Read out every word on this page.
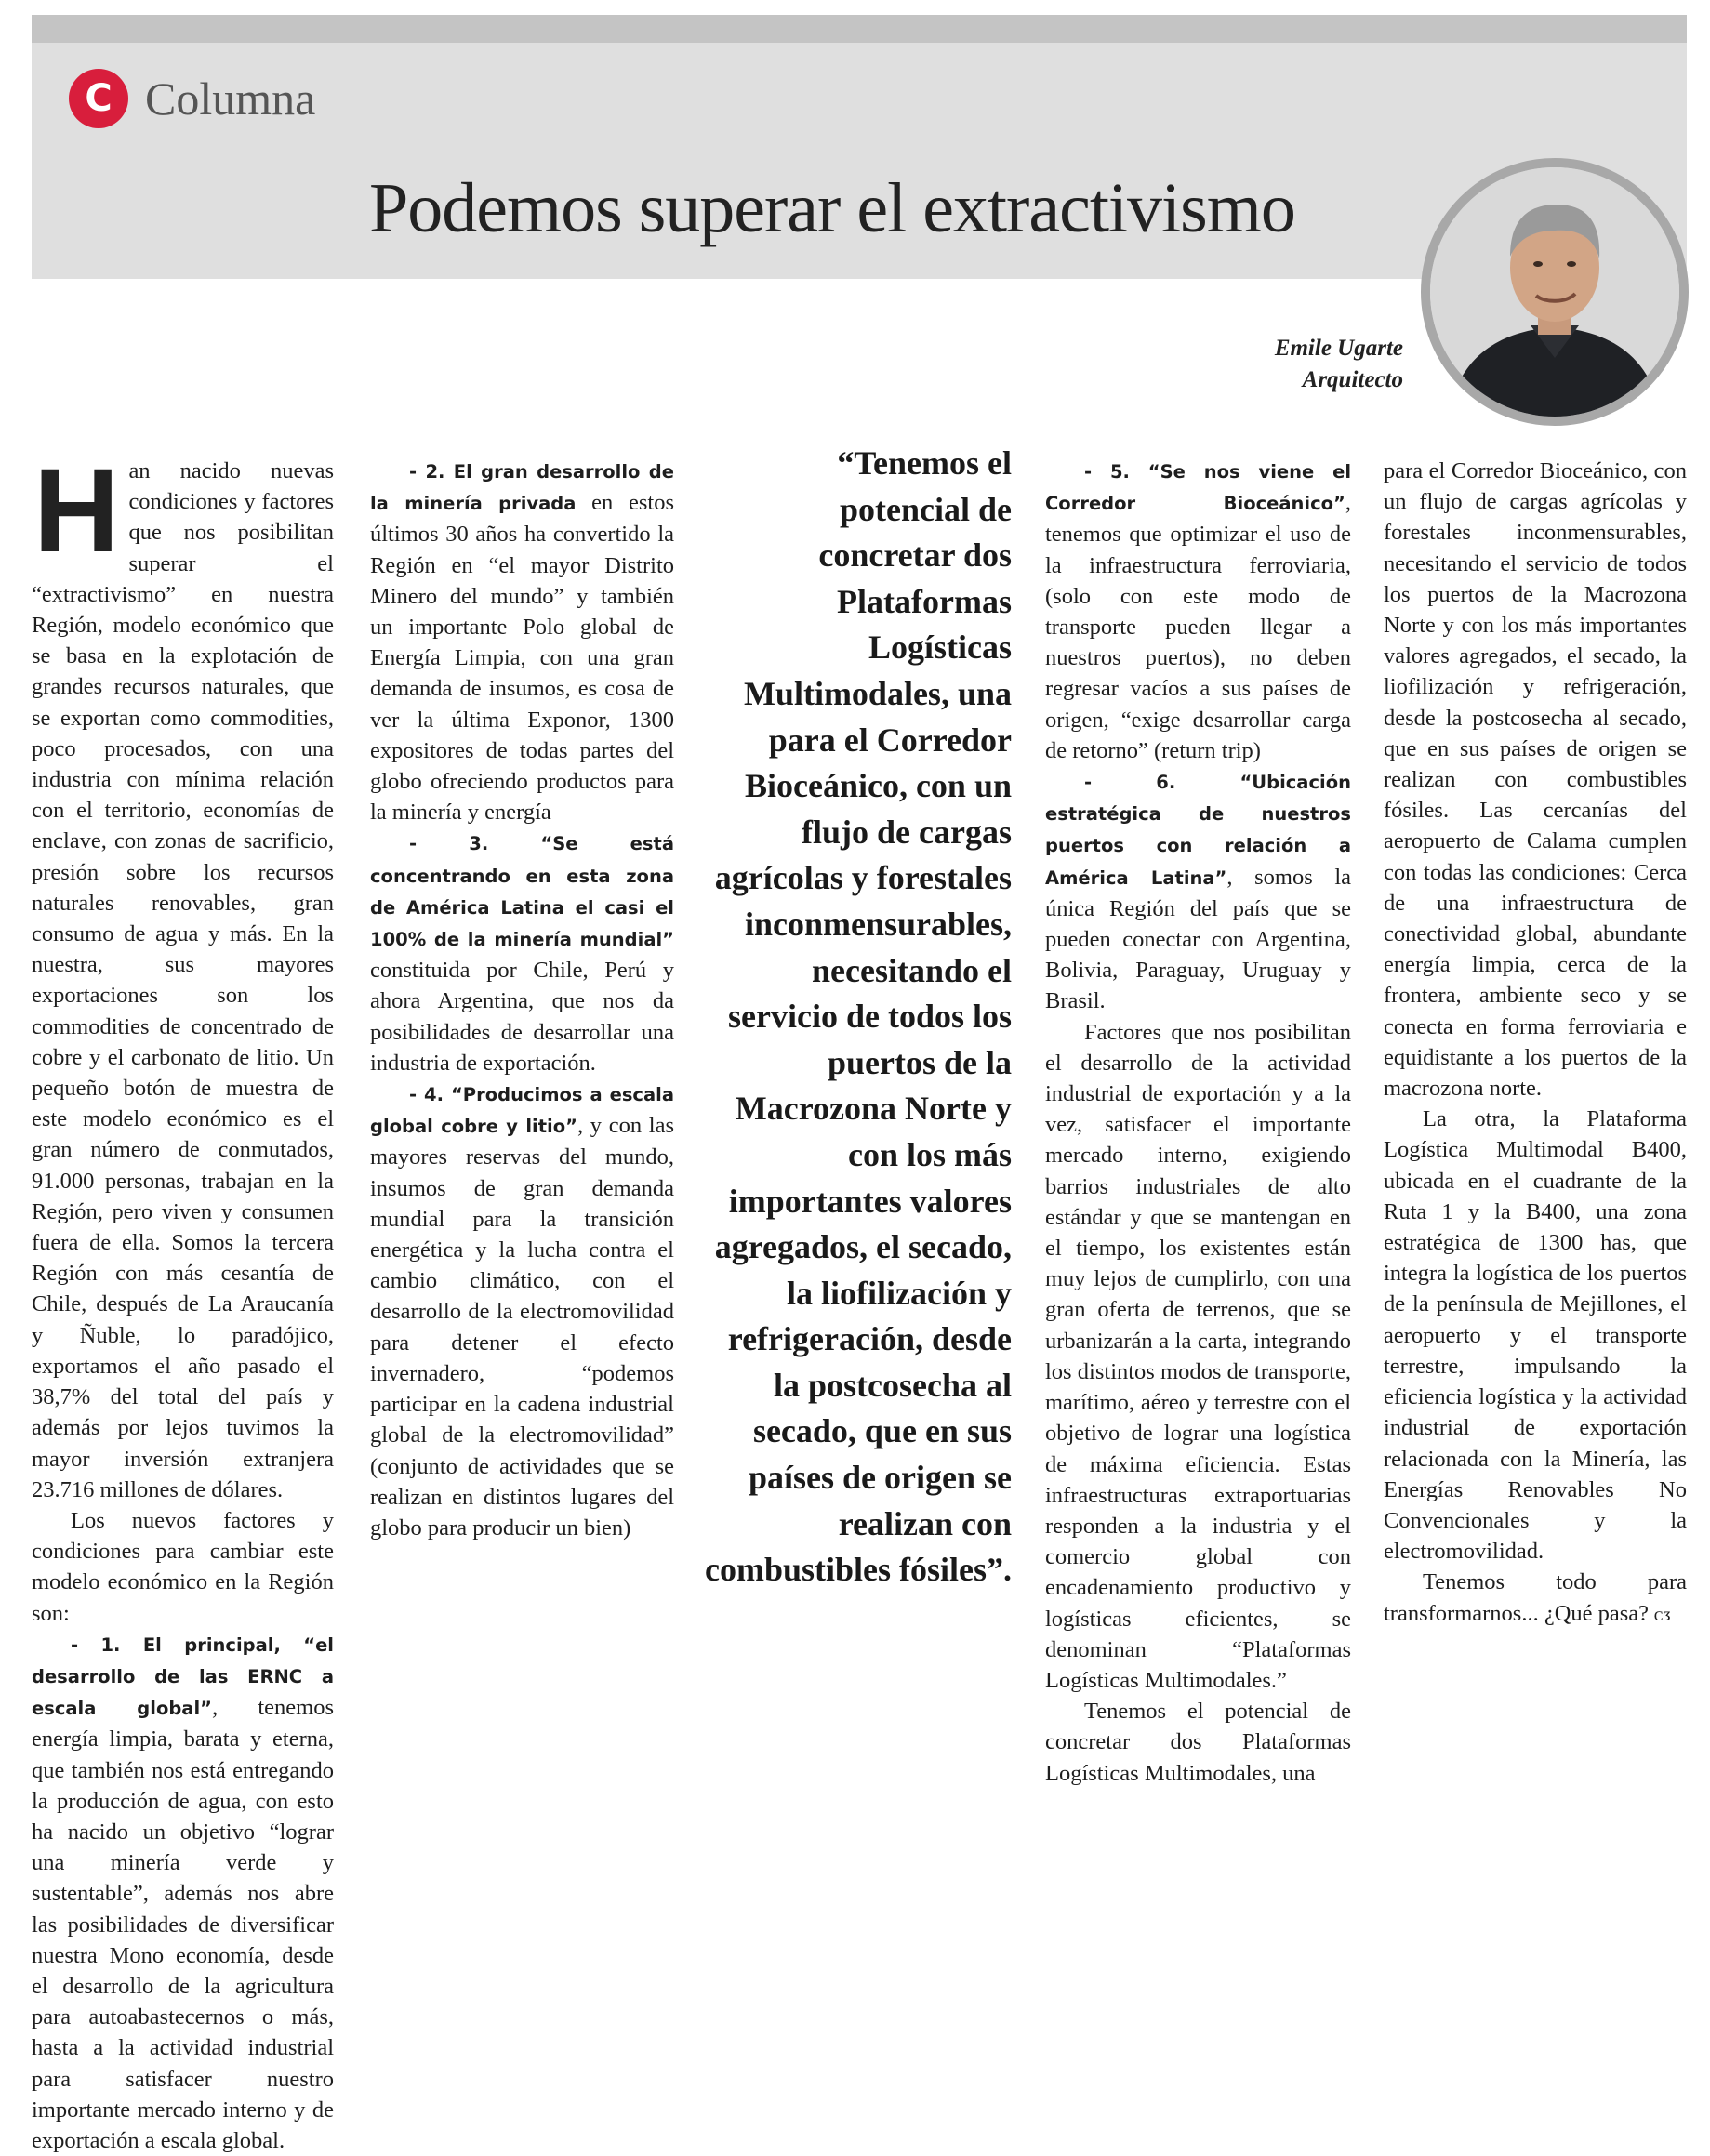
C Columna
Podemos superar el extractivismo
Emile Ugarte
Arquitecto

Han nacido nuevas condiciones y factores que nos posibilitan superar el “extractivismo” en nuestra Región, modelo económico que se basa en la explotación de grandes recursos naturales, que se exportan como commodities, poco procesados, con una industria con mínima relación con el territorio, economías de enclave, con zonas de sacrificio, presión sobre los recursos naturales renovables, gran consumo de agua y más. En la nuestra, sus mayores exportaciones son los commodities de concentrado de cobre y el carbonato de litio. Un pequeño botón de muestra de este modelo económico es el gran número de conmutados, 91.000 personas, trabajan en la Región, pero viven y consumen fuera de ella. Somos la tercera Región con más cesantía de Chile, después de La Araucanía y Ñuble, lo paradójico, exportamos el año pasado el 38,7% del total del país y además por lejos tuvimos la mayor inversión extranjera 23.716 millones de dólares.

Los nuevos factores y condiciones para cambiar este modelo económico en la Región son:

- 1. El principal, “el desarrollo de las ERNC a escala global”, tenemos energía limpia, barata y eterna, que también nos está entregando la producción de agua, con esto ha nacido un objetivo “lograr una minería verde y sustentable”, además nos abre las posibilidades de diversificar nuestra Mono economía, desde el desarrollo de la agricultura para autoabastecernos o más, hasta a la actividad industrial para satisfacer nuestro importante mercado interno y de exportación a escala global.

- 2. El gran desarrollo de la minería privada en estos últimos 30 años ha convertido la Región en “el mayor Distrito Minero del mundo” y también un importante Polo global de Energía Limpia, con una gran demanda de insumos, es cosa de ver la última Exponor, 1300 expositores de todas partes del globo ofreciendo productos para la minería y energía

- 3. “Se está concentrando en esta zona de América Latina el casi el 100% de la minería mundial” constituida por Chile, Perú y ahora Argentina, que nos da posibilidades de desarrollar una industria de exportación.

- 4. “Producimos a escala global cobre y litio”, y con las mayores reservas del mundo, insumos de gran demanda mundial para la transición energética y la lucha contra el cambio climático, con el desarrollo de la electromovilidad para detener el efecto invernadero, “podemos participar en la cadena industrial global de la electromovilidad” (conjunto de actividades que se realizan en distintos lugares del globo para producir un bien)

“Tenemos el potencial de concretar dos Plataformas Logísticas Multimodales, una para el Corredor Bioceánico, con un flujo de cargas agrícolas y forestales inconmensurables, necesitando el servicio de todos los puertos de la Macrozona Norte y con los más importantes valores agregados, el secado, la liofilización y refrigeración, desde la postcosecha al secado, que en sus países de origen se realizan con combustibles fósiles”.

- 5. “Se nos viene el Corredor Bioceánico”, tenemos que optimizar el uso de la infraestructura ferroviaria, (solo con este modo de transporte pueden llegar a nuestros puertos), no deben regresar vacíos a sus países de origen, “exige desarrollar carga de retorno” (return trip)

- 6. “Ubicación estratégica de nuestros puertos con relación a América Latina”, somos la única Región del país que se pueden conectar con Argentina, Bolivia, Paraguay, Uruguay y Brasil.

Factores que nos posibilitan el desarrollo de la actividad industrial de exportación y a la vez, satisfacer el importante mercado interno, exigiendo barrios industriales de alto estándar y que se mantengan en el tiempo, los existentes están muy lejos de cumplirlo, con una gran oferta de terrenos, que se urbanizarán a la carta, integrando los distintos modos de transporte, marítimo, aéreo y terrestre con el objetivo de lograr una logística de máxima eficiencia. Estas infraestructuras extraportuarias responden a la industria y el comercio global con encadenamiento productivo y logísticas eficientes, se denominan “Plataformas Logísticas Multimodales.”

Tenemos el potencial de concretar dos Plataformas Logísticas Multimodales, una

para el Corredor Bioceánico, con un flujo de cargas agrícolas y forestales inconmensurables, necesitando el servicio de todos los puertos de la Macrozona Norte y con los más importantes valores agregados, el secado, la liofilización y refrigeración, desde la postcosecha al secado, que en sus países de origen se realizan con combustibles fósiles. Las cercanías del aeropuerto de Calama cumplen con todas las condiciones: Cerca de una infraestructura de conectividad global, abundante energía limpia, cerca de la frontera, ambiente seco y se conecta en forma ferroviaria e equidistante a los puertos de la macrozona norte.

La otra, la Plataforma Logística Multimodal B400, ubicada en el cuadrante de la Ruta 1 y la B400, una zona estratégica de 1300 has, que integra la logística de los puertos de la península de Mejillones, el aeropuerto y el transporte terrestre, impulsando la eficiencia logística y la actividad industrial de exportación relacionada con la Minería, las Energías Renovables No Convencionales y la electromovilidad.

Tenemos todo para transformarnos... ¿Qué pasa? ᴄᴣ
